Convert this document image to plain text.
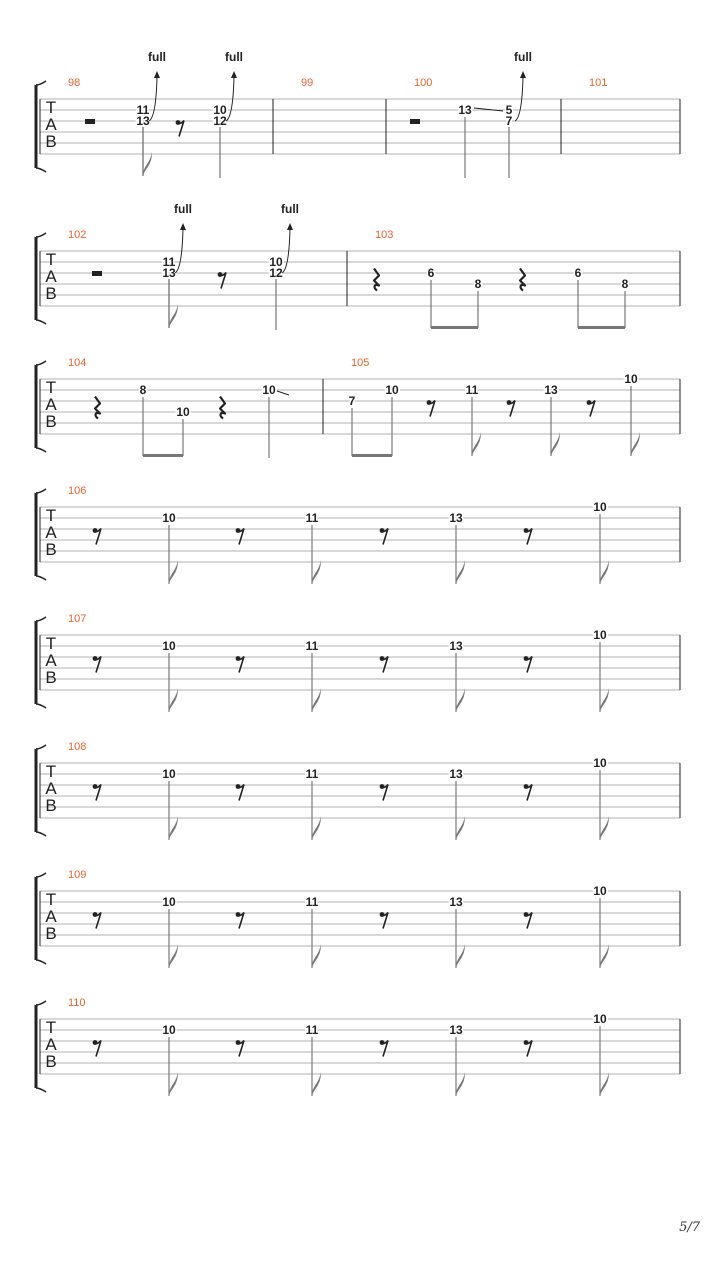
T
A
B
98
11
13
full
10
12
full
99	100
13	5
7
full
101
T
A
B
102
11
13
full
10
12
full
103
6
8
6
8
T
A
B
104
8
10
10
105
7
10	11	13
10
T
A
B
106
10	11	13
10
T
A
B
107
10	11	13
10
T
A
B
108
10	11	13
10
T
A
B
109
10	11	13
10
T
A
B
110
10	11	13
10
5/7
